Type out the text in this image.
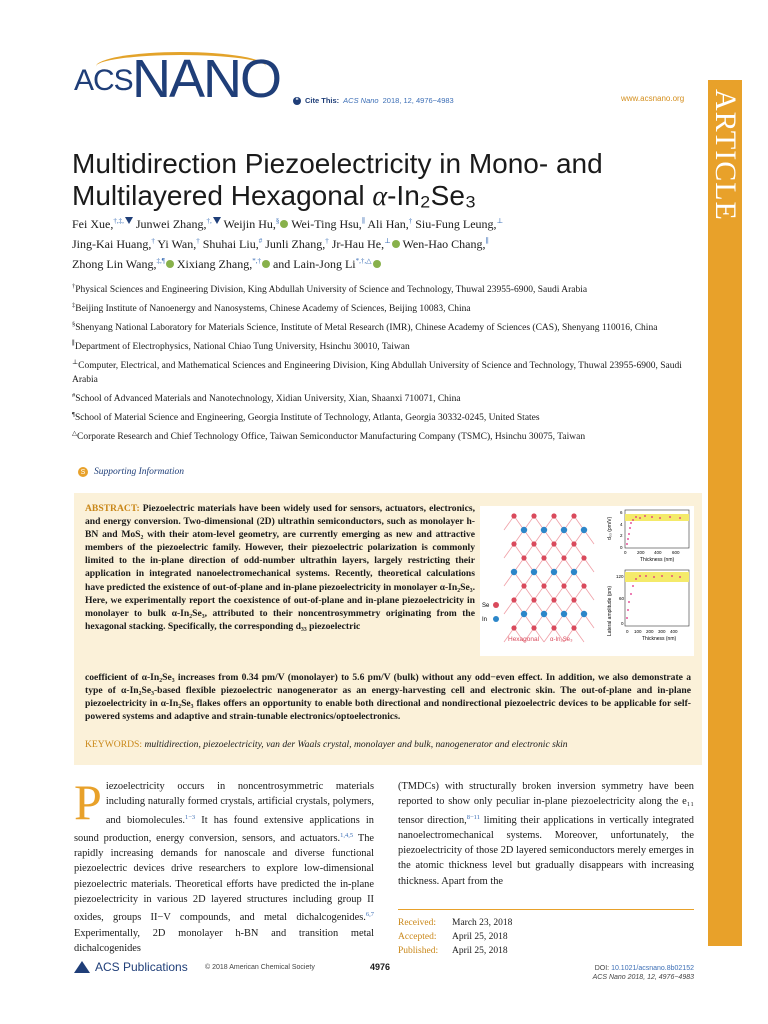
ACS NANO	❝ Cite This: ACS Nano 2018, 12, 4976−4983	www.acsnano.org ARTICLE
Multidirection Piezoelectricity in Mono- and
Multilayered Hexagonal α-In₂Se₃
Fei Xue,†,‡, Junwei Zhang,†, Weijin Hu,§ Wei-Ting Hsu,∥ Ali Han,† Siu-Fung Leung,⊥
Jing-Kai Huang,† Yi Wan,† Shuhai Liu,# Junli Zhang,† Jr-Hau He,⊥ Wen-Hao Chang,∥
Zhong Lin Wang,‡,¶ Xixiang Zhang,*,† and Lain-Jong Li*,†,△

†Physical Sciences and Engineering Division, King Abdullah University of Science and Technology, Thuwal 23955-6900, Saudi Arabia

‡Beijing Institute of Nanoenergy and Nanosystems, Chinese Academy of Sciences, Beijing 10083, China

§Shenyang National Laboratory for Materials Science, Institute of Metal Research (IMR), Chinese Academy of Sciences (CAS), Shenyang 110016, China

∥Department of Electrophysics, National Chiao Tung University, Hsinchu 30010, Taiwan

⊥Computer, Electrical, and Mathematical Sciences and Engineering Division, King Abdullah University of Science and Technology, Thuwal 23955-6900, Saudi Arabia

#School of Advanced Materials and Nanotechnology, Xidian University, Xian, Shaanxi 710071, China

¶School of Material Science and Engineering, Georgia Institute of Technology, Atlanta, Georgia 30332-0245, United States

△Corporate Research and Chief Technology Office, Taiwan Semiconductor Manufacturing Company (TSMC), Hsinchu 30075, Taiwan

S Supporting Information
ABSTRACT: Piezoelectric materials have been widely used for sensors, actuators, electronics, and energy conversion. Two-dimensional (2D) ultrathin semiconductors, such as monolayer h-BN and MoS₂ with their atom-level geometry, are currently emerging as new and attractive members of the piezoelectric family. However, their piezoelectric polarization is commonly limited to the in-plane direction of odd-number ultrathin layers, largely restricting their application in integrated nanoelectromechanical systems. Recently, theoretical calculations have predicted the existence of out-of-plane and in-plane piezoelectricity in monolayer α-In₂Se₃. Here, we experimentally report the coexistence of out-of-plane and in-plane piezoelectricity in monolayer to bulk α-In₂Se₃, attributed to their noncentrosymmetry originating from the hexagonal stacking. Specifically, the corresponding d₃₃ piezoelectric
coefficient of α-In₂Se₃ increases from 0.34 pm/V (monolayer) to 5.6 pm/V (bulk) without any odd−even effect. In addition, we also demonstrate a type of α-In₂Se₃-based flexible piezoelectric nanogenerator as an energy-harvesting cell and electronic skin. The out-of-plane and in-plane piezoelectricity in α-In₂Se₃ flakes offers an opportunity to enable both directional and nondirectional piezoelectric devices to be applicable for self-powered systems and adaptive and strain-tunable electronics/optoelectronics.
KEYWORDS: multidirection, piezoelectricity, van der Waals crystal, monolayer and bulk, nanogenerator and electronic skin
Se
In
Hexagonal α-In₂Se₃
d₃₃ (pm/V)
6
4
2
0
0 200 400 600
Thickness (nm)
Lateral amplitude (pm)
120
60
0
0 100 200 300 400
Thickness (nm)
Piezoelectricity occurs in noncentrosymmetric materials including naturally formed crystals, artificial crystals, polymers, and biomolecules.$^{1-3}$ It has found extensive applications in sound production, energy conversion, sensors, and actuators.$^{1,4,5}$ The rapidly increasing demands for nanoscale and diverse functional piezoelectric devices drive researchers to explore low-dimensional piezoelectric materials. Theoretical efforts have predicted the in-plane piezoelectricity in various 2D layered structures including group II oxides, groups II−V compounds, and metal dichalcogenides.$^{6,7}$ Experimentally, 2D monolayer h-BN and transition metal dichalcogenides
(TMDCs) with structurally broken inversion symmetry have been reported to show only peculiar in-plane piezoelectricity along the e₁₁ tensor direction,$^{8-11}$ limiting their applications in vertically integrated nanoelectromechanical systems. Moreover, unfortunately, the piezoelectricity of those 2D layered semiconductors merely emerges in the atomic thickness level but gradually disappears with increasing thickness. Apart from the
Received:	March 23, 2018
Accepted:	April 25, 2018
Published:	April 25, 2018
ACS Publications © 2018 American Chemical Society	4976	DOI: 10.1021/acsnano.8b02152
ACS Nano 2018, 12, 4976−4983
